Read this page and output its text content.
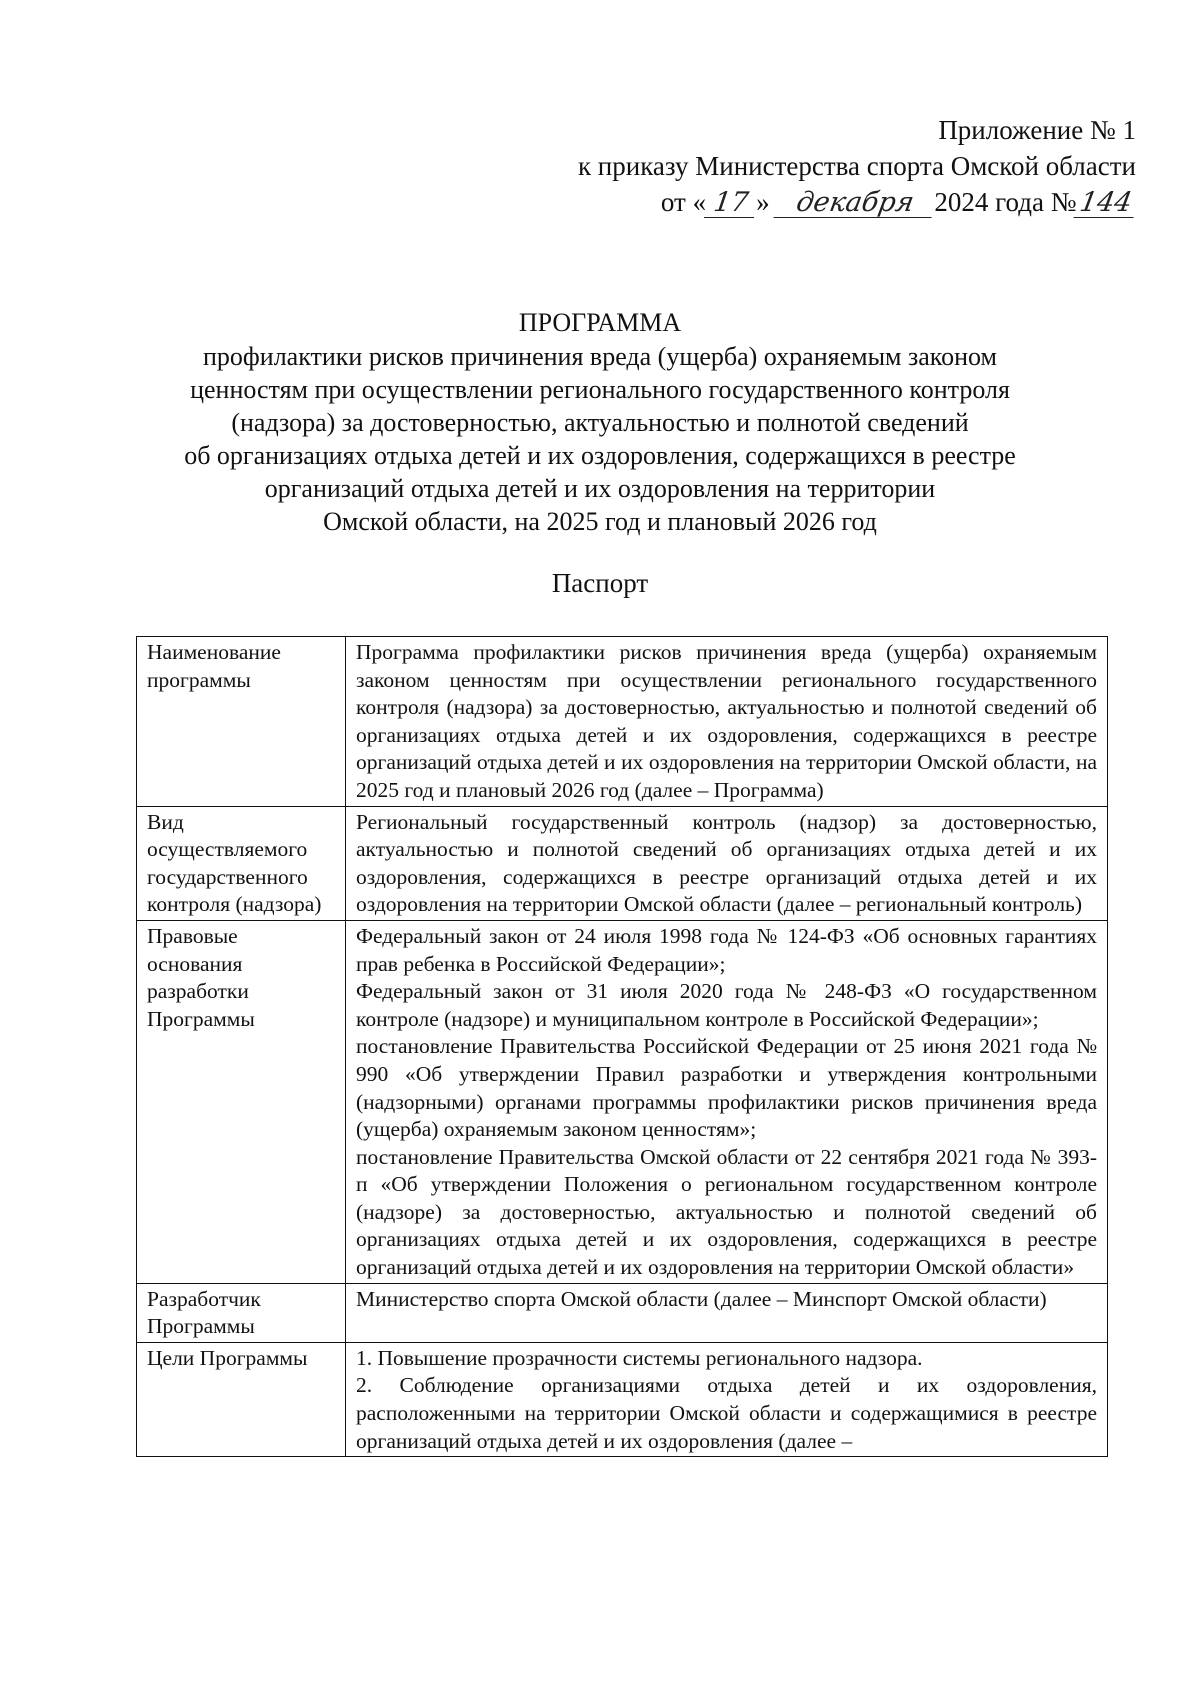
Приложение № 1
к приказу Министерства спорта Омской области
от « 17 » декабря 2024 года №144
ПРОГРАММА
профилактики рисков причинения вреда (ущерба) охраняемым законом
ценностям при осуществлении регионального государственного контроля
(надзора) за достоверностью, актуальностью и полнотой сведений
об организациях отдыха детей и их оздоровления, содержащихся в реестре
организаций отдыха детей и их оздоровления на территории
Омской области, на 2025 год и плановый 2026 год
Паспорт
Наименование программы	Программа профилактики рисков причинения вреда (ущерба) охраняемым законом ценностям при осуществлении регионального государственного контроля (надзора) за достоверностью, актуальностью и полнотой сведений об организациях отдыха детей и их оздоровления, содержащихся в реестре организаций отдыха детей и их оздоровления на территории Омской области, на 2025 год и плановый 2026 год (далее – Программа)

Вид осуществляемого государственного контроля (надзора)	Региональный государственный контроль (надзор) за достоверностью, актуальностью и полнотой сведений об организациях отдыха детей и их оздоровления, содержащихся в реестре организаций отдыха детей и их оздоровления на территории Омской области (далее – региональный контроль)

Правовые основания разработки Программы	Федеральный закон от 24 июля 1998 года № 124-ФЗ «Об основных гарантиях прав ребенка в Российской Федерации»;

Федеральный закон от 31 июля 2020 года № 248-ФЗ «О государственном контроле (надзоре) и муниципальном контроле в Российской Федерации»;

постановление Правительства Российской Федерации от 25 июня 2021 года № 990 «Об утверждении Правил разработки и утверждения контрольными (надзорными) органами программы профилактики рисков причинения вреда (ущерба) охраняемым законом ценностям»;

постановление Правительства Омской области от 22 сентября 2021 года № 393-п «Об утверждении Положения о региональном государственном контроле (надзоре) за достоверностью, актуальностью и полнотой сведений об организациях отдыха детей и их оздоровления, содержащихся в реестре организаций отдыха детей и их оздоровления на территории Омской области»

Разработчик Программы	Министерство спорта Омской области (далее – Минспорт Омской области)

Цели Программы	1. Повышение прозрачности системы регионального надзора.

2. Соблюдение организациями отдыха детей и их оздоровления, расположенными на территории Омской области и содержащимися в реестре организаций отдыха детей и их оздоровления (далее –
